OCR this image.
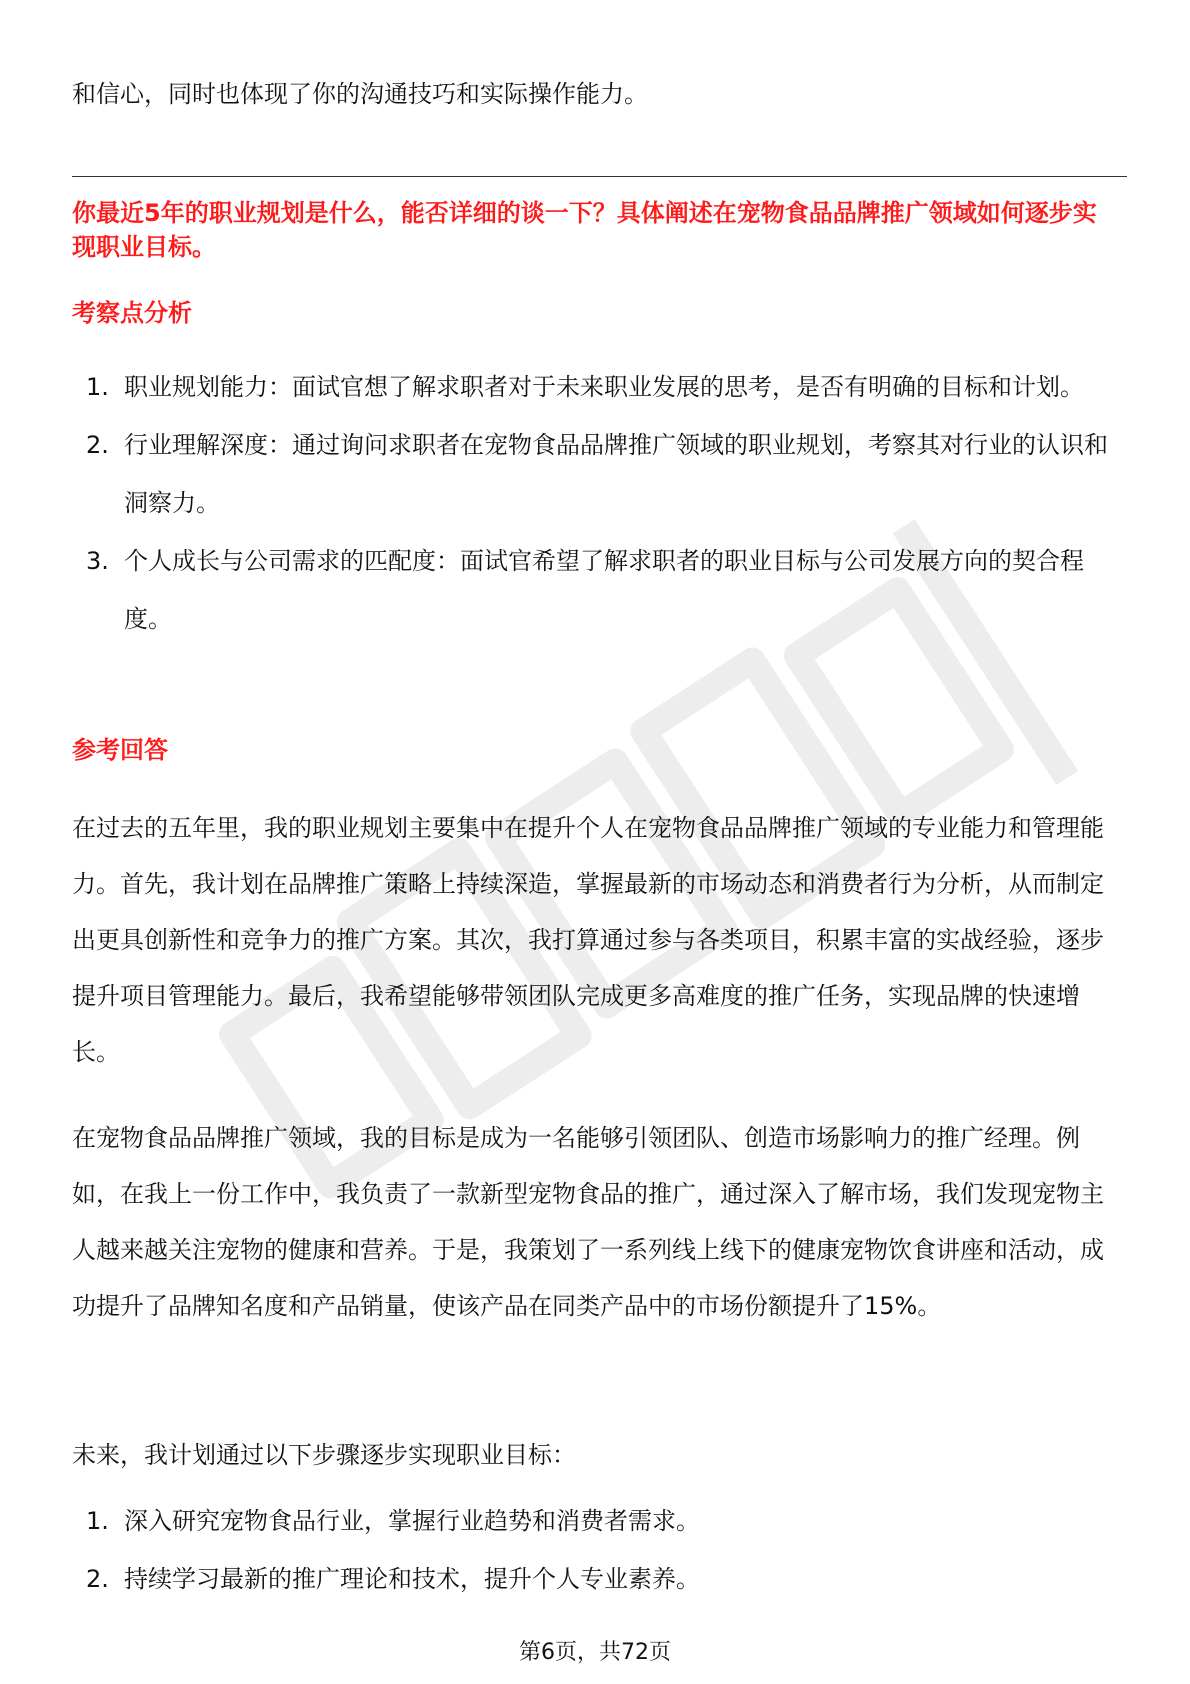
和信心，同时也体现了你的沟通技巧和实际操作能力。

你最近5年的职业规划是什么，能否详细的谈一下？具体阐述在宠物食品品牌推广领域如何逐步实现职业目标。

考察点分析
1. 职业规划能力：面试官想了解求职者对于未来职业发展的思考，是否有明确的目标和计划。
2. 行业理解深度：通过询问求职者在宠物食品品牌推广领域的职业规划，考察其对行业的认识和洞察力。
3. 个人成长与公司需求的匹配度：面试官希望了解求职者的职业目标与公司发展方向的契合程度。
参考回答

在过去的五年里，我的职业规划主要集中在提升个人在宠物食品品牌推广领域的专业能力和管理能力。首先，我计划在品牌推广策略上持续深造，掌握最新的市场动态和消费者行为分析，从而制定出更具创新性和竞争力的推广方案。其次，我打算通过参与各类项目，积累丰富的实战经验，逐步提升项目管理能力。最后，我希望能够带领团队完成更多高难度的推广任务，实现品牌的快速增长。

在宠物食品品牌推广领域，我的目标是成为一名能够引领团队、创造市场影响力的推广经理。例如，在我上一份工作中，我负责了一款新型宠物食品的推广，通过深入了解市场，我们发现宠物主人越来越关注宠物的健康和营养。于是，我策划了一系列线上线下的健康宠物饮食讲座和活动，成功提升了品牌知名度和产品销量，使该产品在同类产品中的市场份额提升了15%。

未来，我计划通过以下步骤逐步实现职业目标：

1. 深入研究宠物食品行业，掌握行业趋势和消费者需求。
2. 持续学习最新的推广理论和技术，提升个人专业素养。
第6页，共72页
